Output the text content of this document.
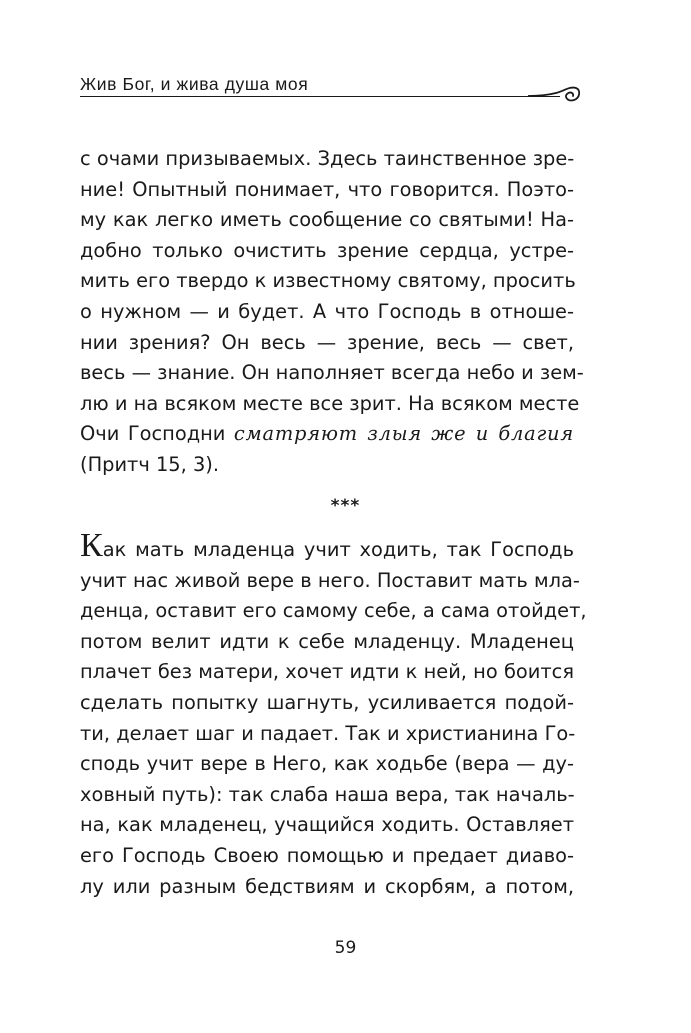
Жив Бог, и жива душа моя
с очами призываемых. Здесь таинственное зре-
ние! Опытный понимает, что говорится. Поэто-
му как легко иметь сообщение со святыми! На-
добно только очистить зрение сердца, устре-
мить его твердо к известному святому, просить
о нужном — и будет. А что Господь в отноше-
нии зрения? Он весь — зрение, весь — свет,
весь — знание. Он наполняет всегда небо и зем-
лю и на всяком месте все зрит. На всяком месте
Очи Господни сматряют злыя же и благия
(Притч 15, 3).
***
Как мать младенца учит ходить, так Господь
учит нас живой вере в него. Поставит мать мла-
денца, оставит его самому себе, а сама отойдет,
потом велит идти к себе младенцу. Младенец
плачет без матери, хочет идти к ней, но боится
сделать попытку шагнуть, усиливается подой-
ти, делает шаг и падает. Так и христианина Го-
сподь учит вере в Него, как ходьбе (вера — ду-
ховный путь): так слаба наша вера, так началь-
на, как младенец, учащийся ходить. Оставляет
его Господь Своею помощью и предает диаво-
лу или разным бедствиям и скорбям, а потом,
59
